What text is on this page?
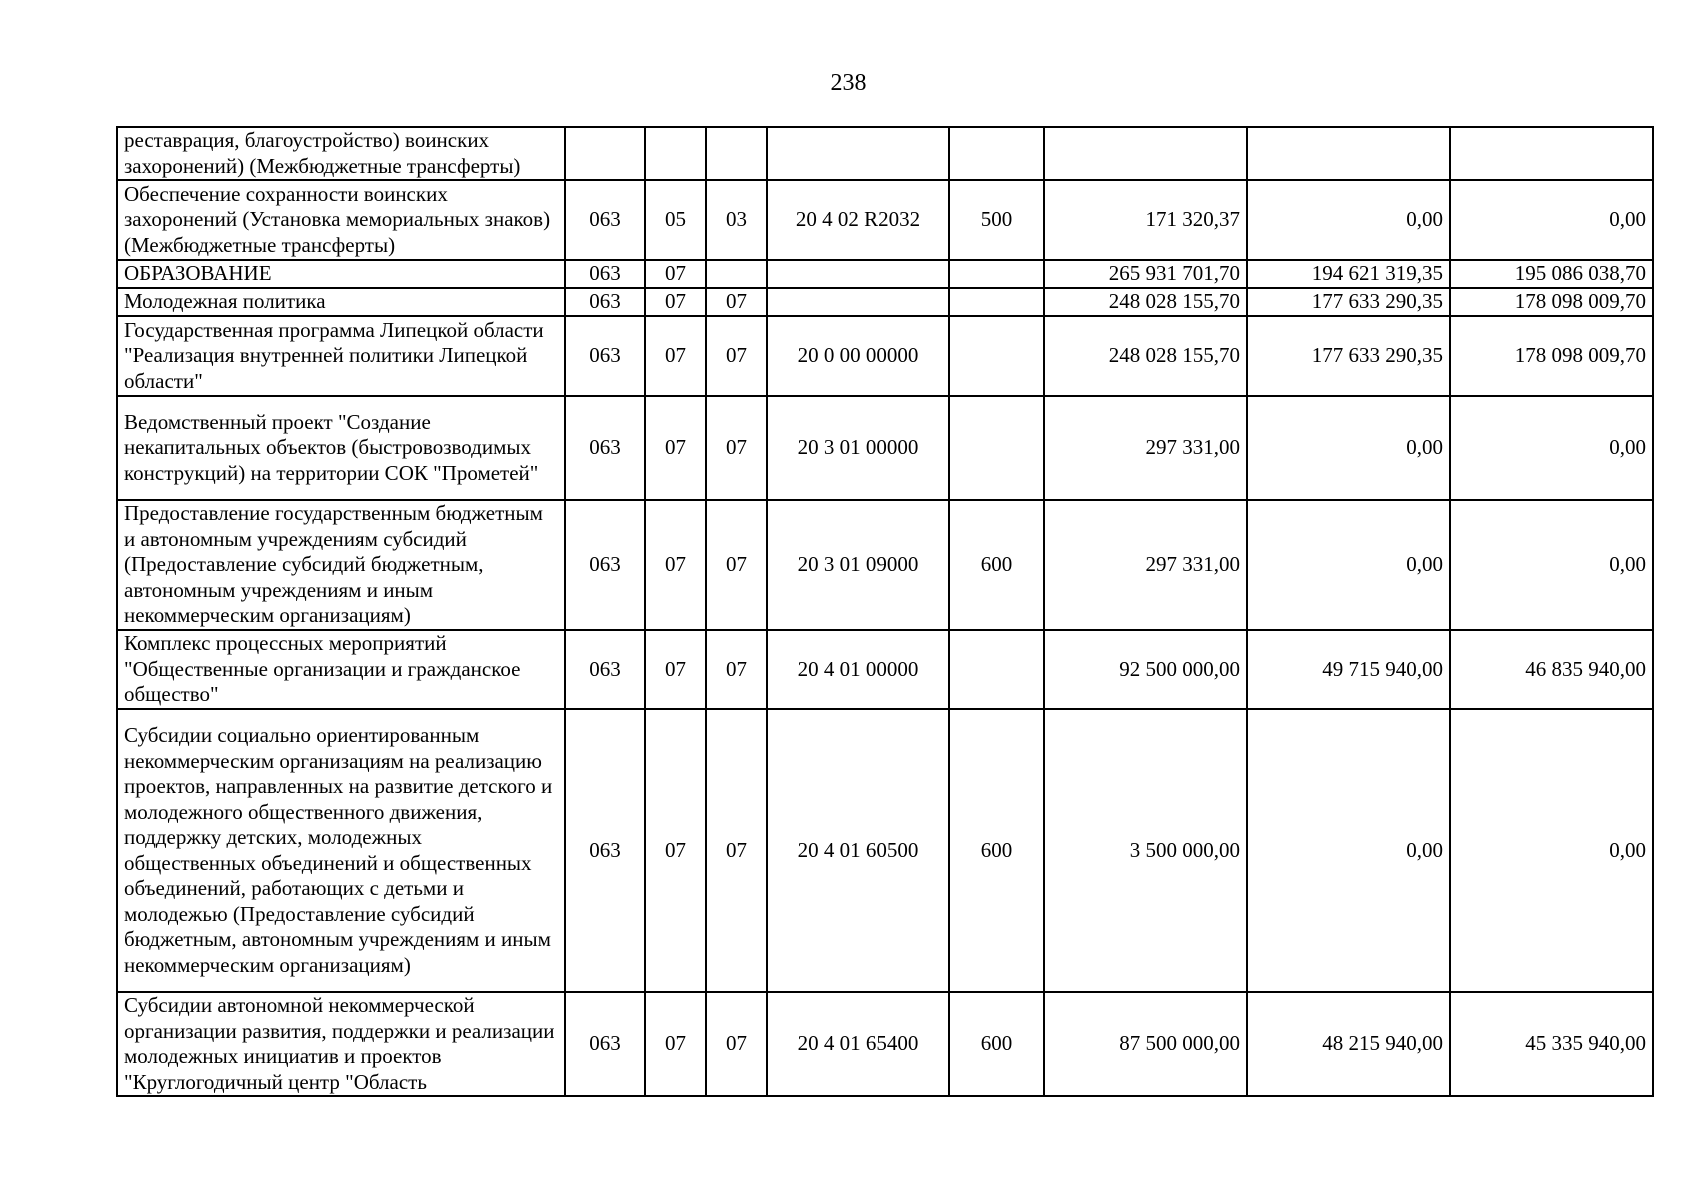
238
реставрация, благоустройство) воинских захоронений) (Межбюджетные трансферты)								
Обеспечение сохранности воинских захоронений (Установка мемориальных знаков) (Межбюджетные трансферты)	063	05	03	20 4 02 R2032	500	171 320,37	0,00	0,00
ОБРАЗОВАНИЕ	063	07				265 931 701,70	194 621 319,35	195 086 038,70
Молодежная политика	063	07	07			248 028 155,70	177 633 290,35	178 098 009,70
Государственная программа Липецкой области "Реализация внутренней политики Липецкой области"	063	07	07	20 0 00 00000		248 028 155,70	177 633 290,35	178 098 009,70
Ведомственный проект "Создание некапитальных объектов (быстровозводимых конструкций) на территории СОК "Прометей"	063	07	07	20 3 01 00000		297 331,00	0,00	0,00
Предоставление государственным бюджетным и автономным учреждениям субсидий (Предоставление субсидий бюджетным, автономным учреждениям и иным некоммерческим организациям)	063	07	07	20 3 01 09000	600	297 331,00	0,00	0,00
Комплекс процессных мероприятий "Общественные организации и гражданское общество"	063	07	07	20 4 01 00000		92 500 000,00	49 715 940,00	46 835 940,00
Субсидии социально ориентированным некоммерческим организациям на реализацию проектов, направленных на развитие детского и молодежного общественного движения, поддержку детских, молодежных общественных объединений и общественных объединений, работающих с детьми и молодежью (Предоставление субсидий бюджетным, автономным учреждениям и иным некоммерческим организациям)	063	07	07	20 4 01 60500	600	3 500 000,00	0,00	0,00
Субсидии автономной некоммерческой организации развития, поддержки и реализации молодежных инициатив и проектов "Круглогодичный центр "Область	063	07	07	20 4 01 65400	600	87 500 000,00	48 215 940,00	45 335 940,00
